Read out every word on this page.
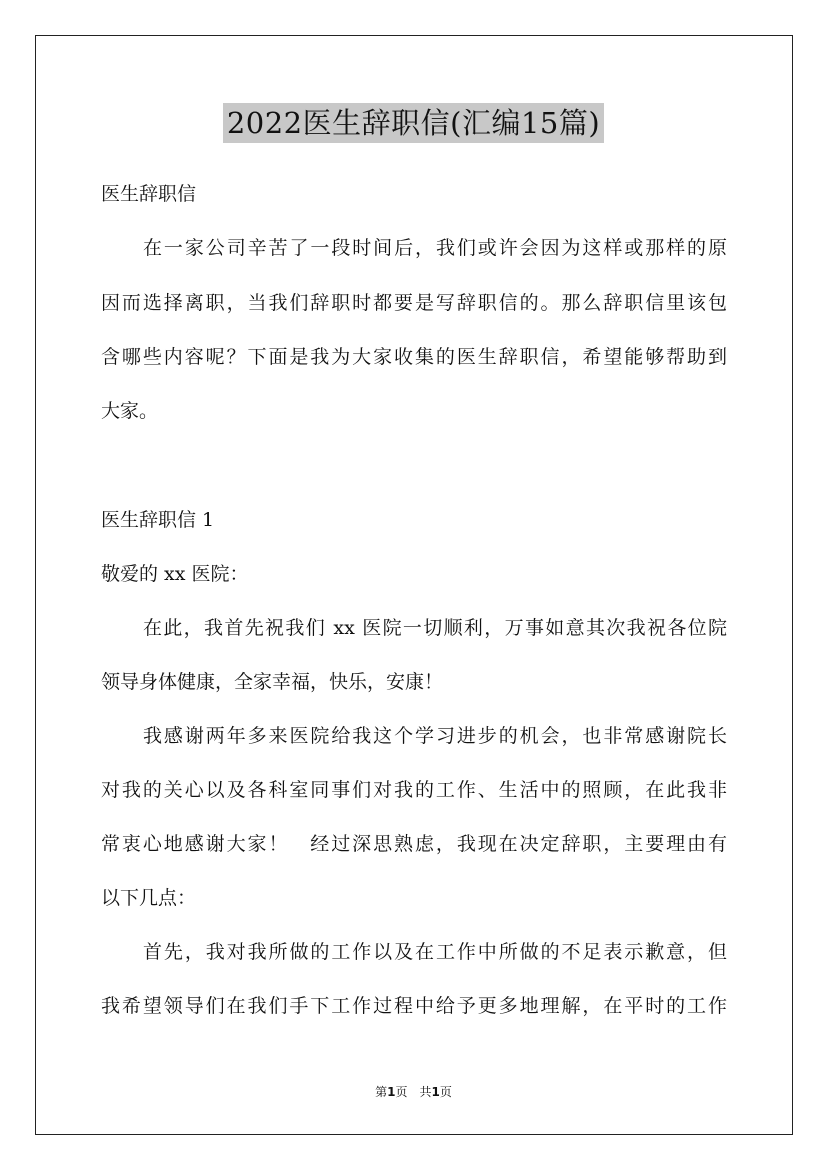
2022医生辞职信(汇编15篇)
医生辞职信
在一家公司辛苦了一段时间后，我们或许会因为这样或那样的原
因而选择离职，当我们辞职时都要是写辞职信的。那么辞职信里该包
含哪些内容呢？下面是我为大家收集的医生辞职信，希望能够帮助到
大家。
医生辞职信 1
敬爱的 xx 医院：
在此，我首先祝我们 xx 医院一切顺利，万事如意其次我祝各位院
领导身体健康，全家幸福，快乐，安康！
我感谢两年多来医院给我这个学习进步的机会，也非常感谢院长
对我的关心以及各科室同事们对我的工作、生活中的照顾，在此我非
常衷心地感谢大家！　经过深思熟虑，我现在决定辞职，主要理由有
以下几点：
首先，我对我所做的工作以及在工作中所做的不足表示歉意，但
我希望领导们在我们手下工作过程中给予更多地理解，在平时的工作
第1页　共1页
